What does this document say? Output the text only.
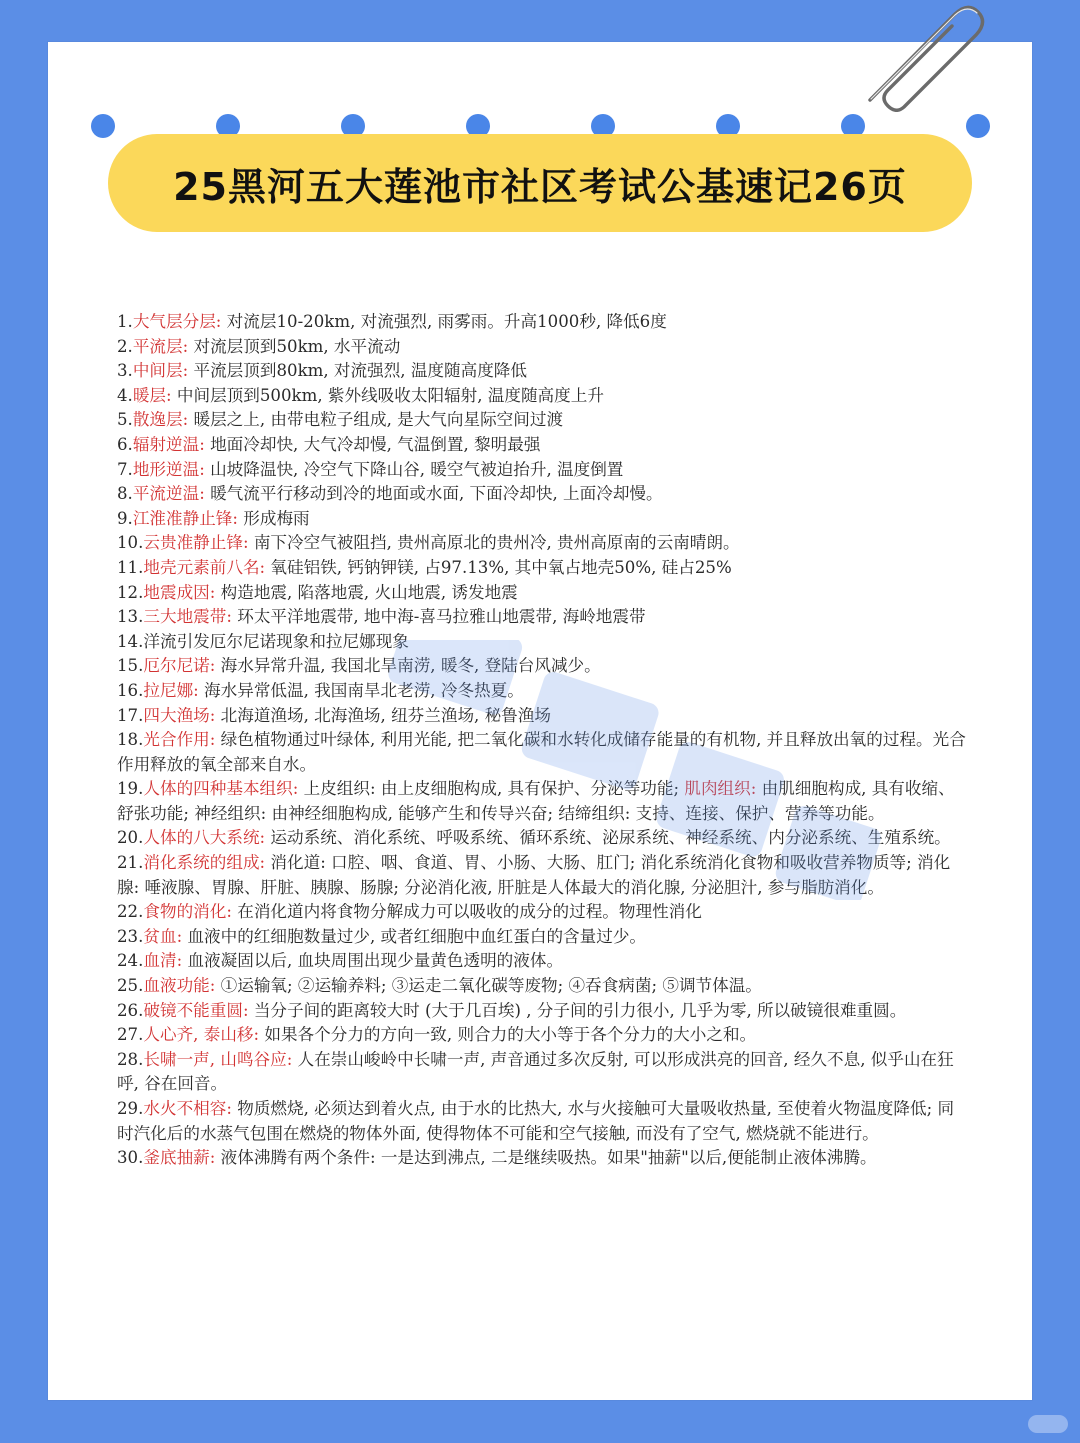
25黑河五大莲池市社区考试公基速记26页

1.大气层分层: 对流层10-20km, 对流强烈, 雨雾雨。升高1000秒, 降低6度

2.平流层: 对流层顶到50km, 水平流动

3.中间层: 平流层顶到80km, 对流强烈, 温度随高度降低

4.暖层: 中间层顶到500km, 紫外线吸收太阳辐射, 温度随高度上升

5.散逸层: 暖层之上, 由带电粒子组成, 是大气向星际空间过渡

6.辐射逆温: 地面冷却快, 大气冷却慢, 气温倒置, 黎明最强

7.地形逆温: 山坡降温快, 冷空气下降山谷, 暖空气被迫抬升, 温度倒置

8.平流逆温: 暖气流平行移动到冷的地面或水面, 下面冷却快, 上面冷却慢。

9.江淮准静止锋: 形成梅雨

10.云贵准静止锋: 南下冷空气被阻挡, 贵州高原北的贵州冷, 贵州高原南的云南晴朗。

11.地壳元素前八名: 氧硅铝铁, 钙钠钾镁, 占97.13%, 其中氧占地壳50%, 硅占25%

12.地震成因: 构造地震, 陷落地震, 火山地震, 诱发地震

13.三大地震带: 环太平洋地震带, 地中海-喜马拉雅山地震带, 海岭地震带

14.洋流引发厄尔尼诺现象和拉尼娜现象

15.厄尔尼诺: 海水异常升温, 我国北旱南涝, 暖冬, 登陆台风减少。

16.拉尼娜: 海水异常低温, 我国南旱北老涝, 冷冬热夏。

17.四大渔场: 北海道渔场, 北海渔场, 纽芬兰渔场, 秘鲁渔场

18.光合作用: 绿色植物通过叶绿体, 利用光能, 把二氧化碳和水转化成储存能量的有机物, 并且释放出氧的过程。光合作用释放的氧全部来自水。

19.人体的四种基本组织: 上皮组织: 由上皮细胞构成, 具有保护、分泌等功能; 肌肉组织: 由肌细胞构成, 具有收缩、舒张功能; 神经组织: 由神经细胞构成, 能够产生和传导兴奋; 结缔组织: 支持、连接、保护、营养等功能。

20.人体的八大系统: 运动系统、消化系统、呼吸系统、循环系统、泌尿系统、神经系统、内分泌系统、生殖系统。

21.消化系统的组成: 消化道: 口腔、咽、食道、胃、小肠、大肠、肛门; 消化系统消化食物和吸收营养物质等; 消化腺: 唾液腺、胃腺、肝脏、胰腺、肠腺; 分泌消化液, 肝脏是人体最大的消化腺, 分泌胆汁, 参与脂肪消化。

22.食物的消化: 在消化道内将食物分解成力可以吸收的成分的过程。物理性消化

23.贫血: 血液中的红细胞数量过少, 或者红细胞中血红蛋白的含量过少。

24.血清: 血液凝固以后, 血块周围出现少量黄色透明的液体。

25.血液功能: ①运输氧; ②运输养料; ③运走二氧化碳等废物; ④吞食病菌; ⑤调节体温。

26.破镜不能重圆: 当分子间的距离较大时 (大于几百埃) , 分子间的引力很小, 几乎为零, 所以破镜很难重圆。

27.人心齐, 泰山移: 如果各个分力的方向一致, 则合力的大小等于各个分力的大小之和。

28.长啸一声, 山鸣谷应: 人在崇山峻岭中长啸一声, 声音通过多次反射, 可以形成洪亮的回音, 经久不息, 似乎山在狂呼, 谷在回音。

29.水火不相容: 物质燃烧, 必须达到着火点, 由于水的比热大, 水与火接触可大量吸收热量, 至使着火物温度降低; 同时汽化后的水蒸气包围在燃烧的物体外面, 使得物体不可能和空气接触, 而没有了空气, 燃烧就不能进行。

30.釜底抽薪: 液体沸腾有两个条件: 一是达到沸点, 二是继续吸热。如果"抽薪"以后,便能制止液体沸腾。
